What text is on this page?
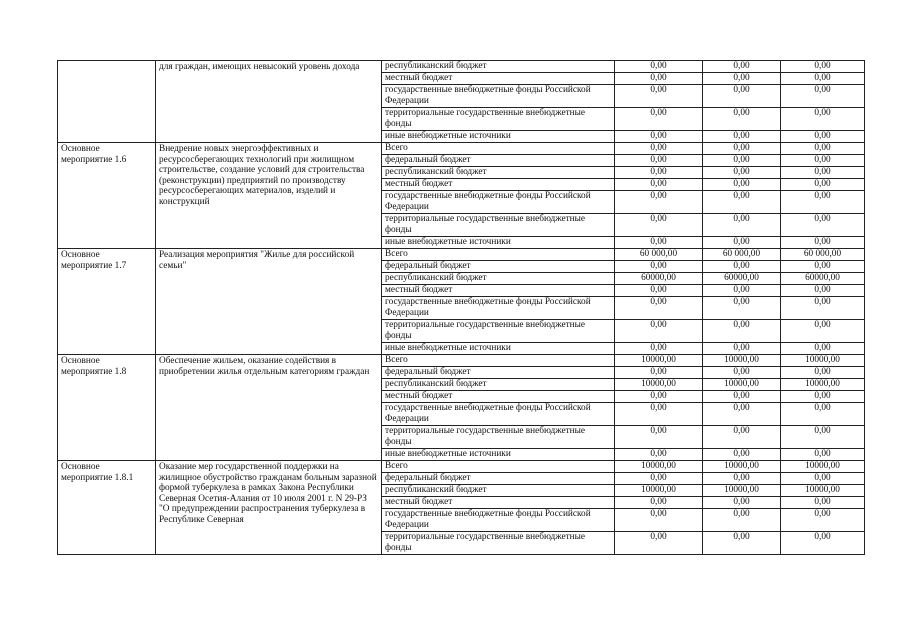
	для граждан, имеющих невысокий уровень дохода	республиканский бюджет	0,00	0,00	0,00
		местный бюджет	0,00	0,00	0,00
		государственные внебюджетные фонды Российской Федерации	0,00	0,00	0,00
		территориальные государственные внебюджетные фонды	0,00	0,00	0,00
		иные внебюджетные источники	0,00	0,00	0,00
Основное мероприятие 1.6	Внедрение новых энергоэффективных и ресурсосберегающих технологий при жилищном строительстве, создание условий для строительства (реконструкции) предприятий по производству ресурсосберегающих материалов, изделий и конструкций	Всего	0,00	0,00	0,00
		федеральный бюджет	0,00	0,00	0,00
		республиканский бюджет	0,00	0,00	0,00
		местный бюджет	0,00	0,00	0,00
		государственные внебюджетные фонды Российской Федерации	0,00	0,00	0,00
		территориальные государственные внебюджетные фонды	0,00	0,00	0,00
		иные внебюджетные источники	0,00	0,00	0,00
Основное мероприятие 1.7	Реализация мероприятия "Жилье для российской семьи"	Всего	60 000,00	60 000,00	60 000,00
		федеральный бюджет	0,00	0,00	0,00
		республиканский бюджет	60000,00	60000,00	60000,00
		местный бюджет	0,00	0,00	0,00
		государственные внебюджетные фонды Российской Федерации	0,00	0,00	0,00
		территориальные государственные внебюджетные фонды	0,00	0,00	0,00
		иные внебюджетные источники	0,00	0,00	0,00
Основное мероприятие 1.8	Обеспечение жильем, оказание содействия в приобретении жилья отдельным категориям граждан	Всего	10000,00	10000,00	10000,00
		федеральный бюджет	0,00	0,00	0,00
		республиканский бюджет	10000,00	10000,00	10000,00
		местный бюджет	0,00	0,00	0,00
		государственные внебюджетные фонды Российской Федерации	0,00	0,00	0,00
		территориальные государственные внебюджетные фонды	0,00	0,00	0,00
		иные внебюджетные источники	0,00	0,00	0,00
Основное мероприятие 1.8.1	Оказание мер государственной поддержки на жилищное обустройство гражданам больным заразной формой туберкулеза в рамках Закона Республики Северная Осетия-Алания от 10 июля 2001 г. N 29-РЗ "О предупреждении распространения туберкулеза в Республике Северная	Всего	10000,00	10000,00	10000,00
		федеральный бюджет	0,00	0,00	0,00
		республиканский бюджет	10000,00	10000,00	10000,00
		местный бюджет	0,00	0,00	0,00
		государственные внебюджетные фонды Российской Федерации	0,00	0,00	0,00
		территориальные государственные внебюджетные фонды	0,00	0,00	0,00
